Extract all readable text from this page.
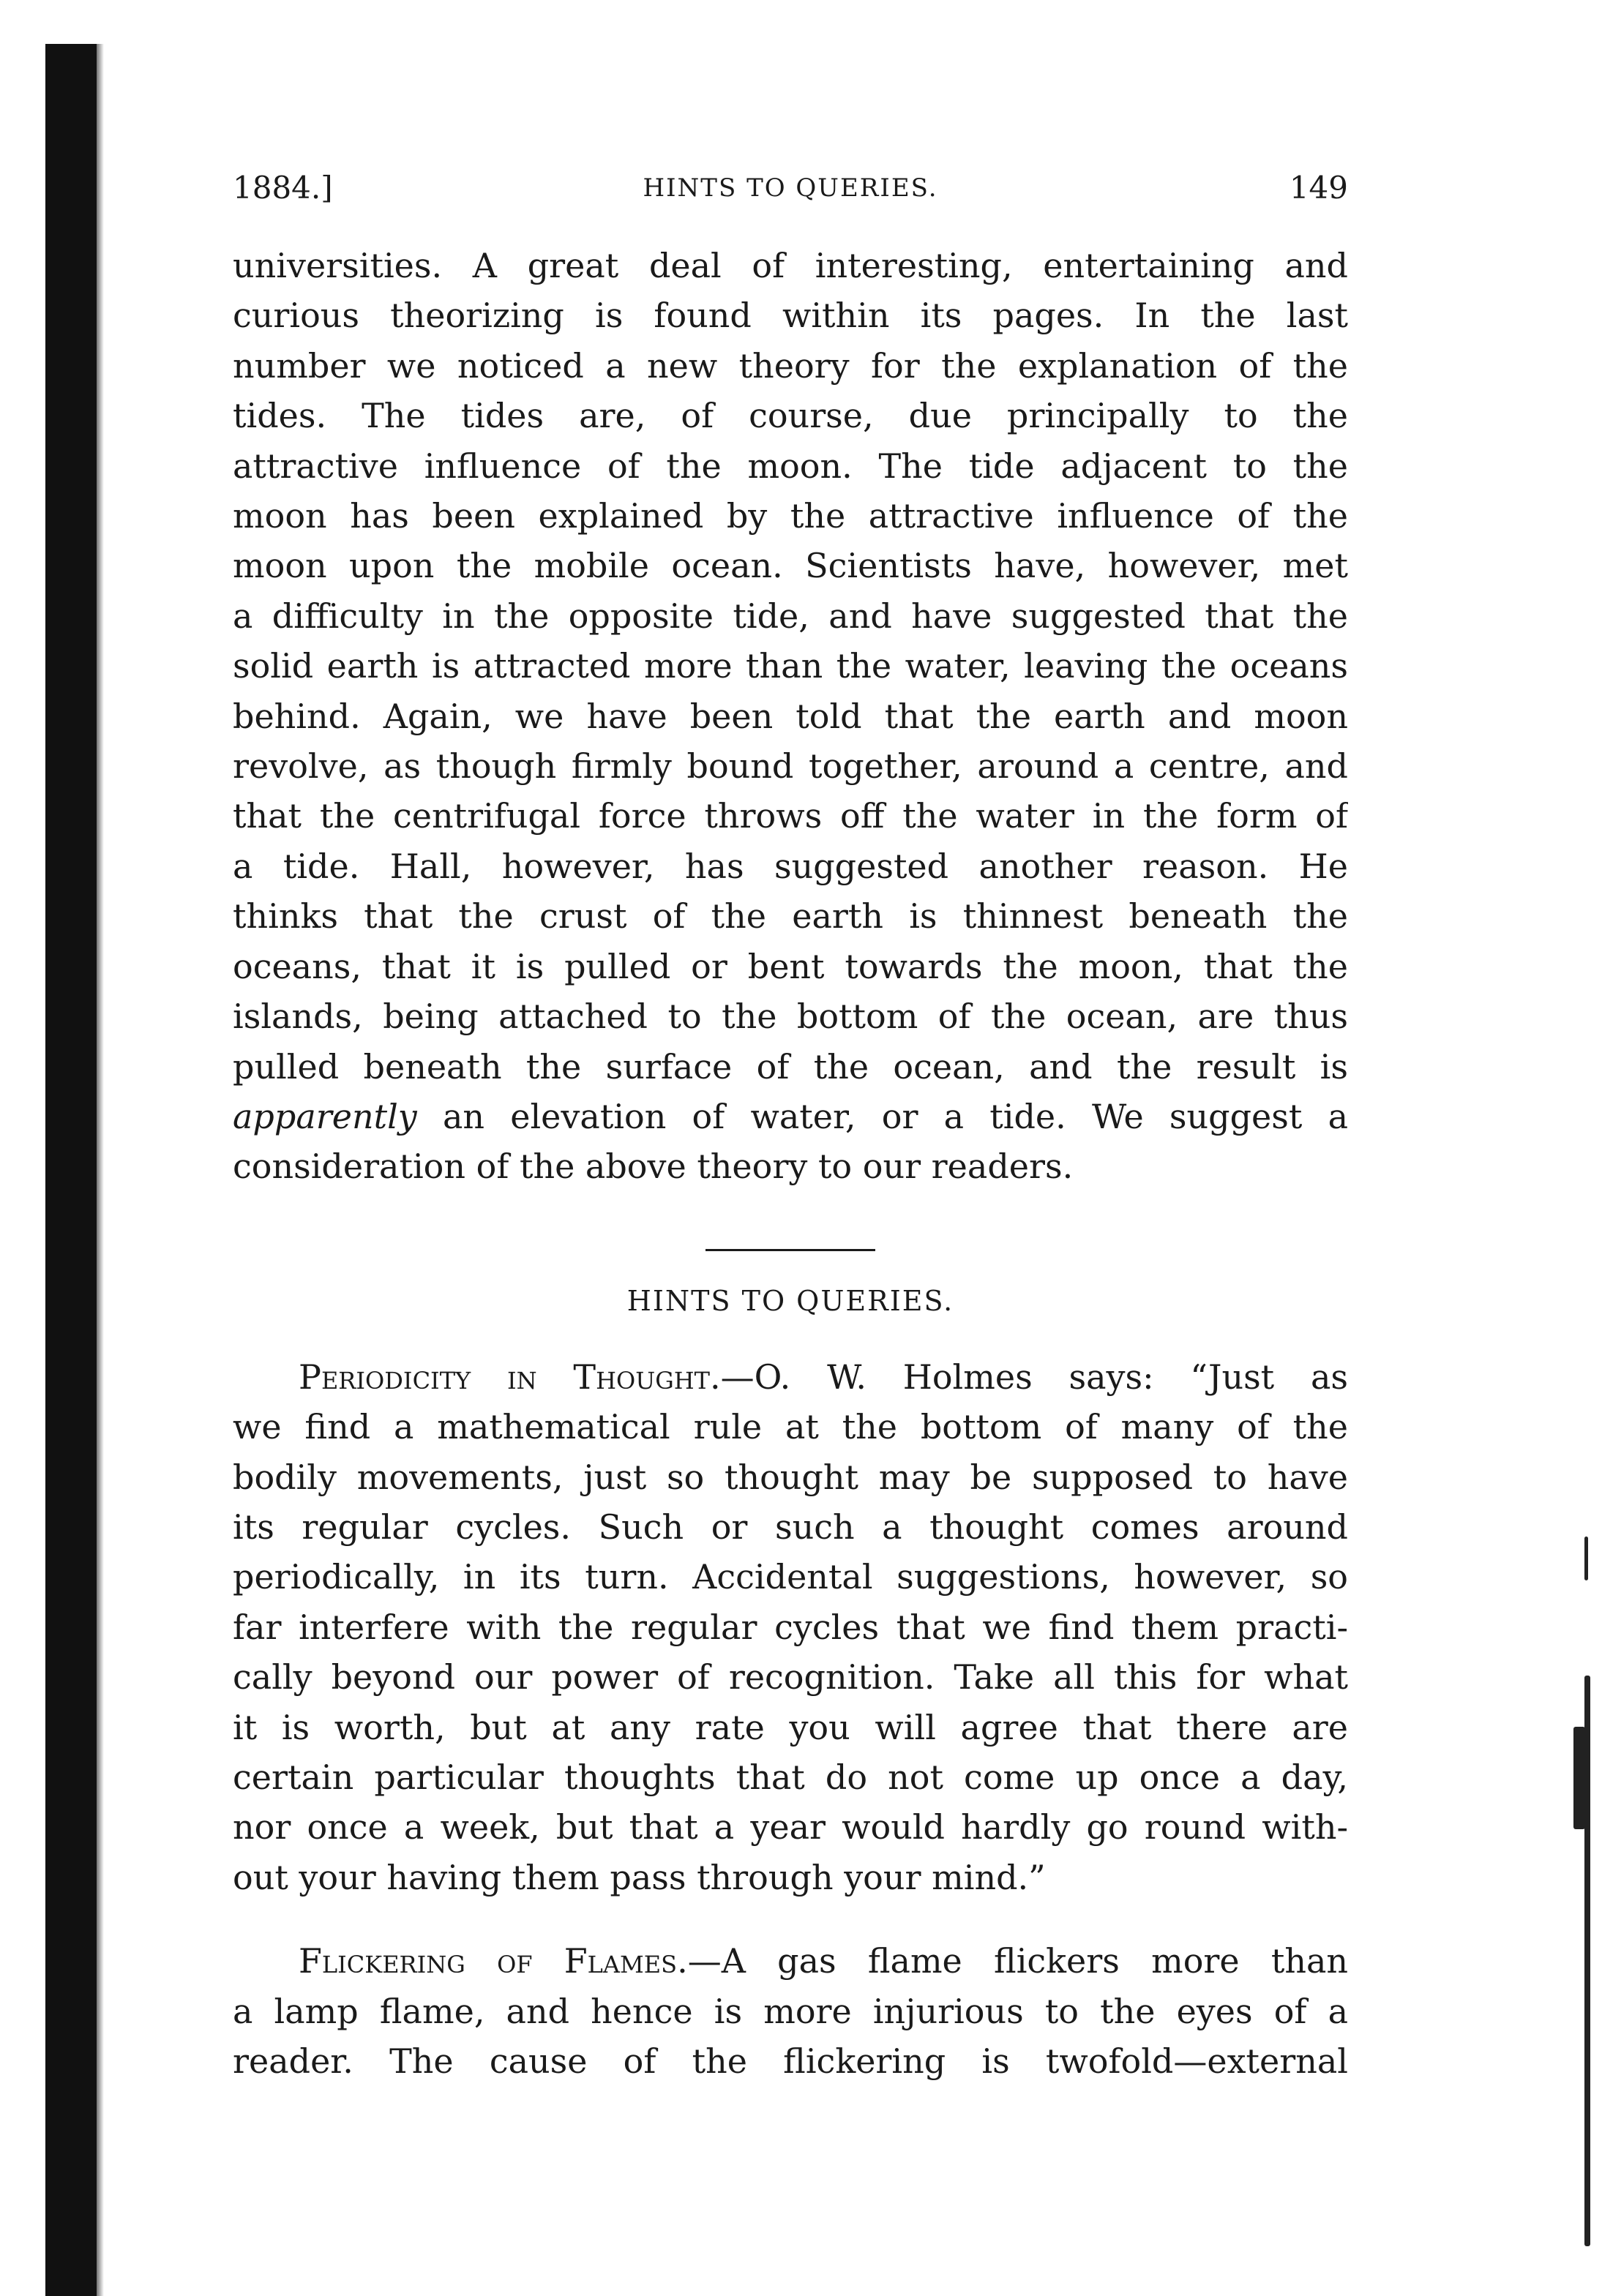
1884.]	HINTS TO QUERIES.	149

universities. A great deal of interesting, entertaining and
curious theorizing is found within its pages. In the last
number we noticed a new theory for the explanation of the
tides. The tides are, of course, due principally to the
attractive influence of the moon. The tide adjacent to the
moon has been explained by the attractive influence of the
moon upon the mobile ocean. Scientists have, however, met
a difficulty in the opposite tide, and have suggested that the
solid earth is attracted more than the water, leaving the oceans
behind. Again, we have been told that the earth and moon
revolve, as though firmly bound together, around a centre, and
that the centrifugal force throws off the water in the form of
a tide. Hall, however, has suggested another reason. He
thinks that the crust of the earth is thinnest beneath the
oceans, that it is pulled or bent towards the moon, that the
islands, being attached to the bottom of the ocean, are thus
pulled beneath the surface of the ocean, and the result is
apparently an elevation of water, or a tide. We suggest a
consideration of the above theory to our readers.

HINTS TO QUERIES.

Periodicity in Thought.—O. W. Holmes says: “Just as
we find a mathematical rule at the bottom of many of the
bodily movements, just so thought may be supposed to have
its regular cycles. Such or such a thought comes around
periodically, in its turn. Accidental suggestions, however, so
far interfere with the regular cycles that we find them practi-
cally beyond our power of recognition. Take all this for what
it is worth, but at any rate you will agree that there are
certain particular thoughts that do not come up once a day,
nor once a week, but that a year would hardly go round with-
out your having them pass through your mind.”

Flickering of Flames.—A gas flame flickers more than
a lamp flame, and hence is more injurious to the eyes of a
reader. The cause of the flickering is twofold—external
